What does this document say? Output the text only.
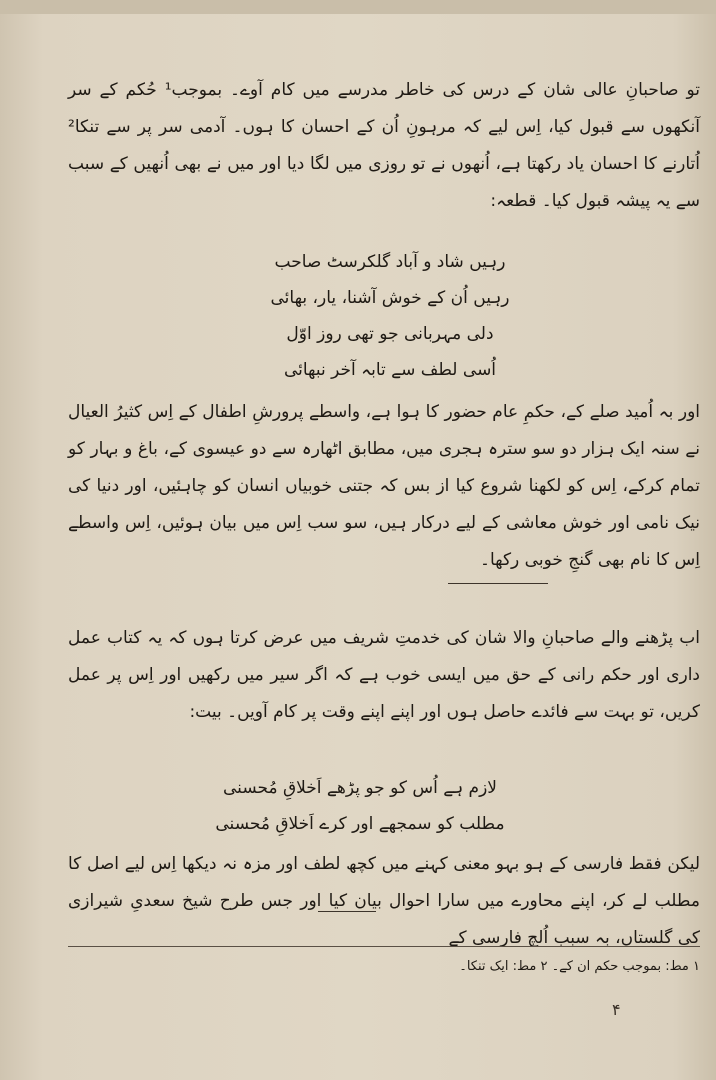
تو صاحبانِ عالی شان کے درس کی خاطر مدرسے میں کام آوے۔ بموجب¹ حُکم کے سر آنکھوں سے قبول کیا، اِس لیے کہ مرہونِ اُن کے احسان کا ہوں۔ آدمی سر پر سے تنکا² اُتارنے کا احسان یاد رکھتا ہے، اُنھوں نے تو روزی میں لگا دیا اور میں نے بھی اُنھیں کے سبب سے یہ پیشہ قبول کیا۔ قطعہ:

رہیں شاد و آباد گلکرسٹ صاحب
رہیں اُن کے خوش آشنا، یار، بھائی
دلی مہربانی جو تھی روز اوّل
اُسی لطف سے تابہ آخر نبھائی

اور بہ اُمید صلے کے، حکمِ عام حضور کا ہوا ہے، واسطے پرورشِ اطفال کے اِس کثیرُ العیال نے سنہ ایک ہزار دو سو سترہ ہجری میں، مطابق اٹھارہ سے دو عیسوی کے، باغ و بہار کو تمام کرکے، اِس کو لکھنا شروع کیا از بس کہ جتنی خوبیاں انسان کو چاہئیں، اور دنیا کی نیک نامی اور خوش معاشی کے لیے درکار ہیں، سو سب اِس میں بیان ہوئیں، اِس واسطے اِس کا نام بھی گنجِ خوبی رکھا۔

اب پڑھنے والے صاحبانِ والا شان کی خدمتِ شریف میں عرض کرتا ہوں کہ یہ کتاب عمل داری اور حکم رانی کے حق میں ایسی خوب ہے کہ اگر سیر میں رکھیں اور اِس پر عمل کریں، تو بہت سے فائدے حاصل ہوں اور اپنے اپنے وقت پر کام آویں۔ بیت:

لازم ہے اُس کو جو پڑھے اَخلاقِ مُحسنی
مطلب کو سمجھے اور کرے اَخلاقِ مُحسنی

لیکن فقط فارسی کے ہو بہو معنی کہنے میں کچھ لطف اور مزہ نہ دیکھا اِس لیے اصل کا مطلب لے کر، اپنے محاورے میں سارا احوال بیان کیا اور جس طرح شیخ سعدیِ شیرازی کی گلستاں، بہ سبب اُلچ فارسی کے

۱ مط: بموجب حکم ان کے۔ ۲ مط: ایک تنکا۔
۴
